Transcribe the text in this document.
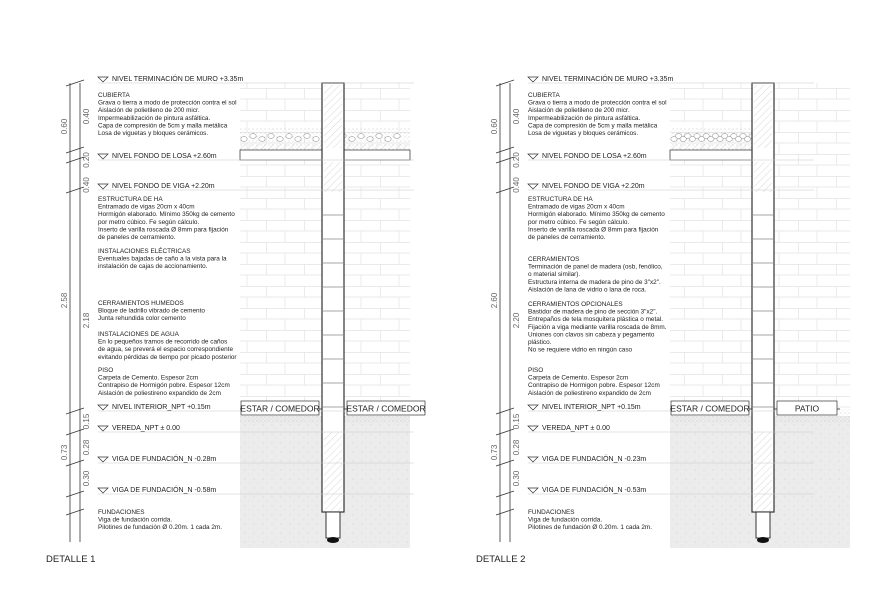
0.40
0.20
0.60
0.40
2.18
2.58
0.15
0.28
0.30
0.73
NIVEL TERMINACIÓN DE MURO +3.35m
NIVEL FONDO DE LOSA +2.60m
NIVEL FONDO DE VIGA +2.20m
NIVEL INTERIOR_NPT +0.15m
VEREDA_NPT ± 0.00
VIGA DE FUNDACIÓN_N -0.28m
VIGA DE FUNDACIÓN_N -0.58m
CUBIERTA
Grava o tierra a modo de protección contra el sol
Aislación de polietileno de 200 micr.
Impermeabilización de pintura asfáltica.
Capa de compresión de 5cm y malla metálica
Losa de viguetas y bloques cerámicos.
ESTRUCTURA DE HA
Entramado de vigas 20cm x 40cm
Hormigón elaborado. Mínimo 350kg de cemento
por metro cúbico. Fe según cálculo.
Inserto de varilla roscada Ø 8mm para fijación
de paneles de cerramiento.
INSTALACIONES ELÉCTRICAS
Eventuales bajadas de caño a la vista para la
instalación de cajas de accionamiento.
CERRAMIENTOS HUMEDOS
Bloque de ladrillo vibrado de cemento
Junta rehundida color cemento
INSTALACIONES DE AGUA
En lo pequeños tramos de recorrido de caños
de agua, se preverá el espacio correspondiente
evitando pérdidas de tiempo por picado posterior
PISO
Carpeta de Cemento. Espesor 2cm
Contrapiso de Hormigón pobre. Espesor 12cm
Aislación de poliestireno expandido de 2cm
FUNDACIONES
Viga de fundación corrida.
Pilotines de fundación Ø 0.20m. 1 cada 2m.
ESTAR / COMEDOR	ESTAR / COMEDOR
DETALLE 1
0.40
0.20
0.60
0.40
2.20
2.60
0.15
0.28
0.30
0.73
NIVEL TERMINACIÓN DE MURO +3.35m
NIVEL FONDO DE LOSA +2.60m
NIVEL FONDO DE VIGA +2.20m
NIVEL INTERIOR_NPT +0.15m
VEREDA_NPT ± 0.00
VIGA DE FUNDACIÓN_N -0.23m
VIGA DE FUNDACIÓN_N -0.53m
CUBIERTA
Grava o tierra a modo de protección contra el sol
Aislación de polietileno de 200 micr.
Impermeabilización de pintura asfáltica.
Capa de compresión de 5cm y malla metálica
Losa de viguetas y bloques cerámicos.
ESTRUCTURA DE HA
Entramado de vigas 20cm x 40cm
Hormigón elaborado. Mínimo 350kg de cemento
por metro cúbico. Fe según cálculo.
Inserto de varilla roscada Ø 8mm para fijación
de paneles de cerramiento.
CERRAMIENTOS
Terminación de panel de madera (osb, fenólico,
o material similar).
Estructura interna de madera de pino de 3"x2".
Aislación de lana de vidrio o lana de roca.
CERRAMIENTOS OPCIONALES
Bastidor de madera de pino de sección 3"x2".
Entrepaños de tela mosquitera plástica o metal.
Fijación a viga mediante varilla roscada de 8mm.
Uniones con clavos sin cabeza y pegamento
plástico.
No se requiere vidrio en ningún caso
PISO
Carpeta de Cemento. Espesor 2cm
Contrapiso de Hormigon pobre. Espesor 12cm
Aislación de poliestireno expandido de 2cm
FUNDACIONES
Viga de fundación corrida.
Pilotines de fundación Ø 0.20m. 1 cada 2m.
ESTAR / COMEDOR	PATIO
DETALLE 2
